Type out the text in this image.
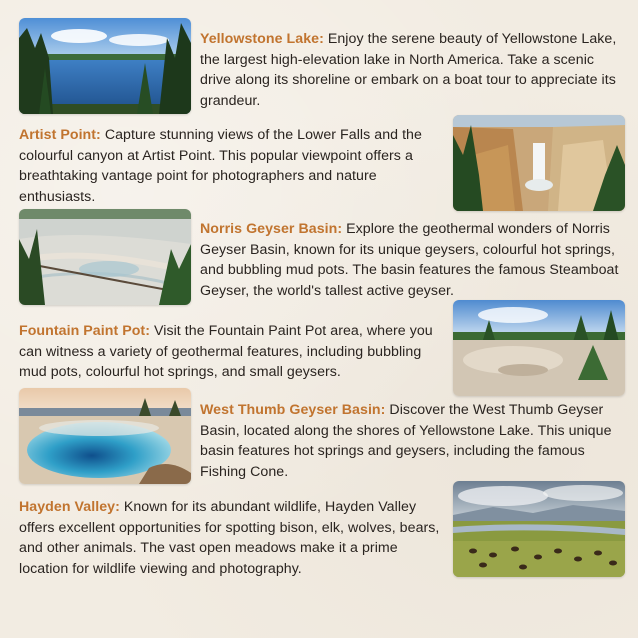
Yellowstone Lake: Enjoy the serene beauty of Yellowstone Lake, the largest high-elevation lake in North America. Take a scenic drive along its shoreline or embark on a boat tour to appreciate its grandeur.
Artist Point: Capture stunning views of the Lower Falls and the colourful canyon at Artist Point. This popular viewpoint offers a breathtaking vantage point for photographers and nature enthusiasts.
Norris Geyser Basin: Explore the geothermal wonders of Norris Geyser Basin, known for its unique geysers, colourful hot springs, and bubbling mud pots. The basin features the famous Steamboat Geyser, the world's tallest active geyser.
Fountain Paint Pot: Visit the Fountain Paint Pot area, where you can witness a variety of geothermal features, including bubbling mud pots, colourful hot springs, and small geysers.
West Thumb Geyser Basin: Discover the West Thumb Geyser Basin, located along the shores of Yellowstone Lake. This unique basin features hot springs and geysers, including the famous Fishing Cone.
Hayden Valley: Known for its abundant wildlife, Hayden Valley offers excellent opportunities for spotting bison, elk, wolves, bears, and other animals. The vast open meadows make it a prime location for wildlife viewing and photography.
